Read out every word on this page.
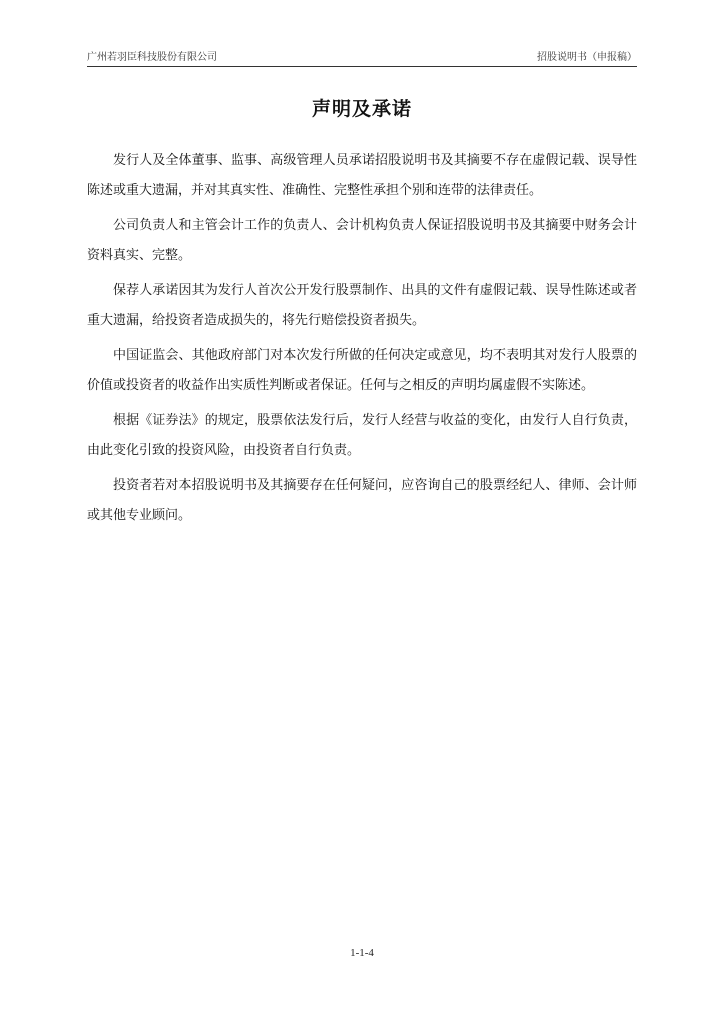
广州若羽臣科技股份有限公司	招股说明书（申报稿）
声明及承诺

发行人及全体董事、监事、高级管理人员承诺招股说明书及其摘要不存在虚假记载、误导性陈述或重大遗漏，并对其真实性、准确性、完整性承担个别和连带的法律责任。

公司负责人和主管会计工作的负责人、会计机构负责人保证招股说明书及其摘要中财务会计资料真实、完整。

保荐人承诺因其为发行人首次公开发行股票制作、出具的文件有虚假记载、误导性陈述或者重大遗漏，给投资者造成损失的，将先行赔偿投资者损失。

中国证监会、其他政府部门对本次发行所做的任何决定或意见，均不表明其对发行人股票的价值或投资者的收益作出实质性判断或者保证。任何与之相反的声明均属虚假不实陈述。

根据《证券法》的规定，股票依法发行后，发行人经营与收益的变化，由发行人自行负责，由此变化引致的投资风险，由投资者自行负责。

投资者若对本招股说明书及其摘要存在任何疑问，应咨询自己的股票经纪人、律师、会计师或其他专业顾问。

1-1-4
